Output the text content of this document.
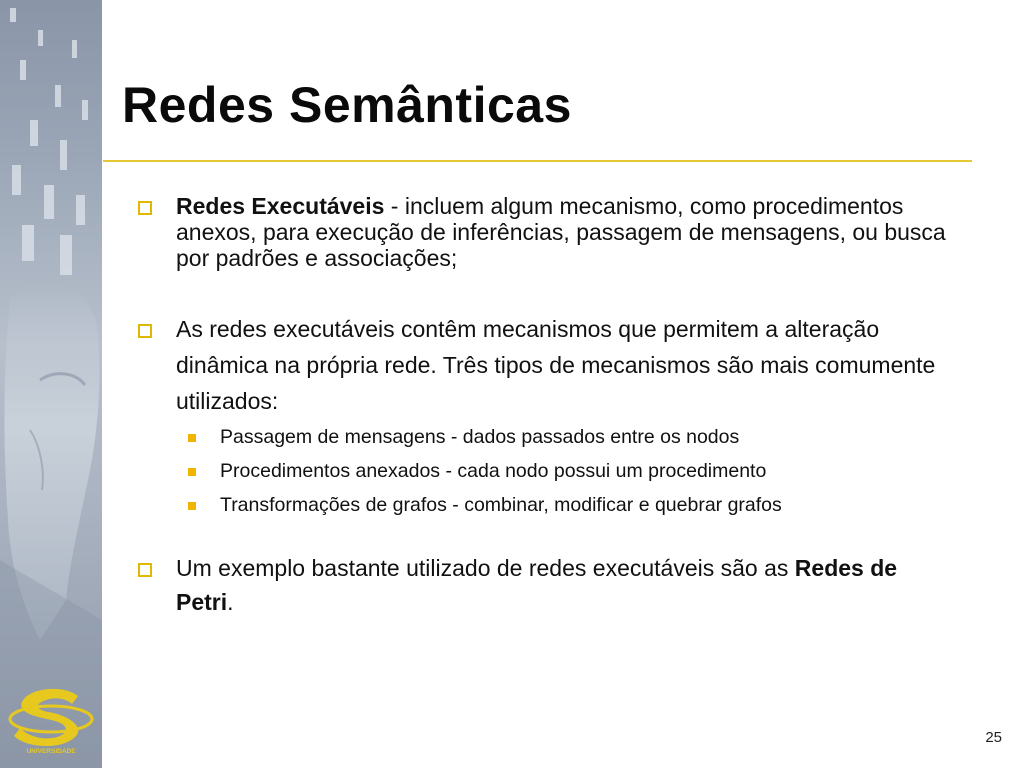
Redes Semânticas
Redes Executáveis - incluem algum mecanismo, como procedimentos anexos, para execução de inferências, passagem de mensagens, ou busca por padrões e associações;
As redes executáveis contêm mecanismos que permitem a alteração dinâmica na própria rede. Três tipos de mecanismos são mais comumente utilizados:
Passagem de mensagens - dados passados entre os nodos
Procedimentos anexados - cada nodo possui um procedimento
Transformações de grafos - combinar, modificar e quebrar grafos
Um exemplo bastante utilizado de redes executáveis são as Redes de Petri.
UNIVERSIDADE
25
